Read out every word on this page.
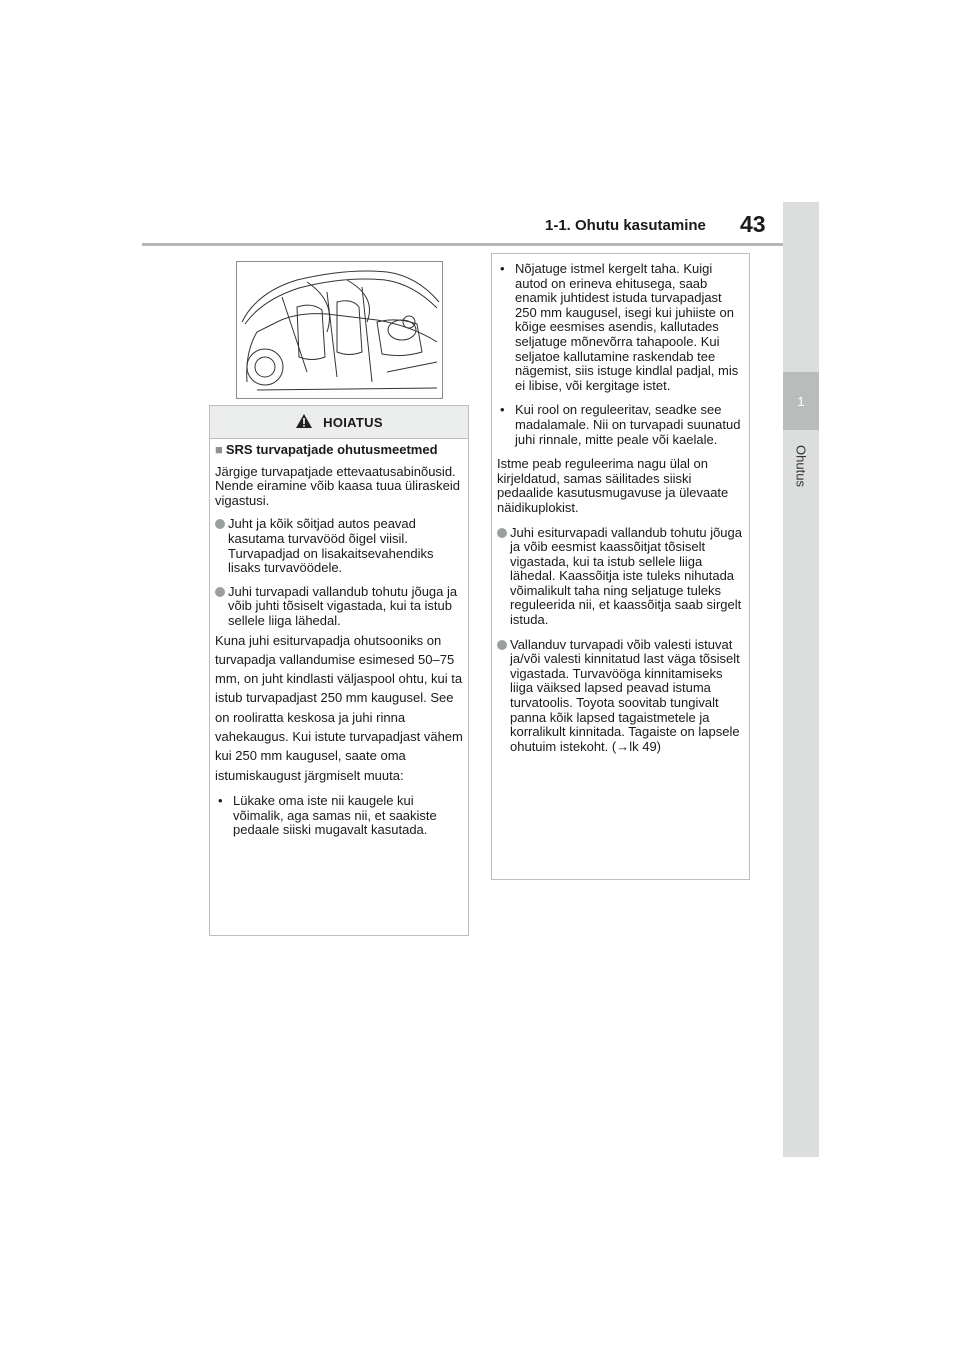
1
Ohutus
1-1. Ohutu kasutamine 43
HOIATUS
■ SRS turvapatjade ohutusmeetmed

Järgige turvapatjade ettevaatusabinõusid.

Nende eiramine võib kaasa tuua üliraskeid vigastusi.

Juht ja kõik sõitjad autos peavad kasutama turvavööd õigel viisil. Turvapadjad on lisakaitsevahendiks lisaks turvavöödele.
Juhi turvapadi vallandub tohutu jõuga ja võib juhti tõsiselt vigastada, kui ta istub sellele liiga lähedal.

Kuna juhi esiturvapadja ohutsooniks on turvapadja vallandumise esimesed 50–75 mm, on juht kindlasti väljaspool ohtu, kui ta istub turvapadjast 250 mm kaugusel. See on rooliratta keskosa ja juhi rinna vahekaugus. Kui istute turvapadjast vähem kui 250 mm kaugusel, saate oma istumiskaugust järgmiselt muuta:

• Lükake oma iste nii kaugele kui võimalik, aga samas nii, et saakiste pedaale siiski mugavalt kasutada.
• Nõjatuge istmel kergelt taha. Kuigi autod on erineva ehitusega, saab enamik juhtidest istuda turvapadjast 250 mm kaugusel, isegi kui juhiiste on kõige eesmises asendis, kallutades seljatuge mõnevõrra tahapoole. Kui seljatoe kallutamine raskendab tee nägemist, siis istuge kindlal padjal, mis ei libise, või kergitage istet.
• Kui rool on reguleeritav, seadke see madalamale. Nii on turvapadi suunatud juhi rinnale, mitte peale või kaelale.

Istme peab reguleerima nagu ülal on kirjeldatud, samas säilitades siiski pedaalide kasutusmugavuse ja ülevaate näidikuplokist.

Juhi esiturvapadi vallandub tohutu jõuga ja võib eesmist kaassõitjat tõsiselt vigastada, kui ta istub sellele liiga lähedal. Kaassõitja iste tuleks nihutada võimalikult taha ning seljatuge tuleks reguleerida nii, et kaassõitja saab sirgelt istuda.
Vallanduv turvapadi võib valesti istuvat ja/või valesti kinnitatud last väga tõsiselt vigastada. Turvavööga kinnitamiseks liiga väiksed lapsed peavad istuma turvatoolis. Toyota soovitab tungivalt panna kõik lapsed tagaistmetele ja korralikult kinnitada. Tagaiste on lapsele ohutuim istekoht. (→lk 49)
